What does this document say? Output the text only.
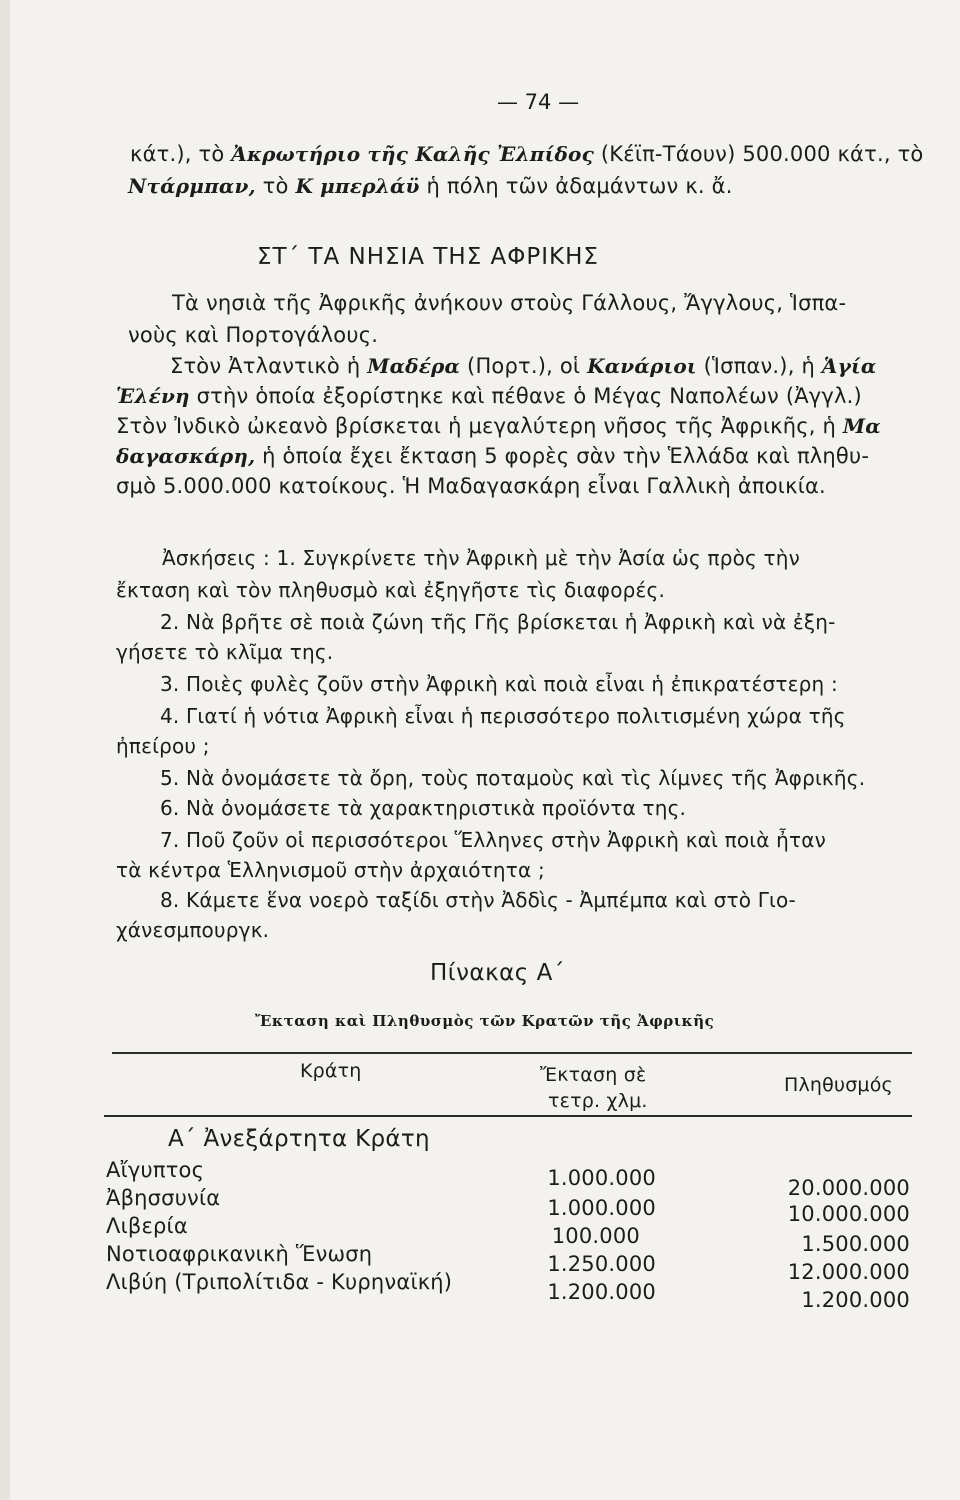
— 74 —
κάτ.), τὸ Ἀκρωτήριο τῆς Καλῆς Ἐλπίδος (Κέϊπ-Τάουν) 500.000 κάτ., τὸ
Ντάρμπαν, τὸ Κ μπερλάϋ ἡ πόλη τῶν ἀδαμάντων κ. ἄ.
ΣΤ΄ ΤΑ ΝΗΣΙΑ ΤΗΣ ΑΦΡΙΚΗΣ
Τὰ νησιὰ τῆς Ἀφρικῆς ἀνήκουν στοὺς Γάλλους, Ἄγγλους, Ἱσπα-
νοὺς καὶ Πορτογάλους.
Στὸν Ἀτλαντικὸ ἡ Μαδέρα (Πορτ.), οἱ Κανάριοι (Ἱσπαν.), ἡ Ἁγία
Ἑλένη στὴν ὁποία ἐξορίστηκε καὶ πέθανε ὁ Μέγας Ναπολέων (Ἀγγλ.)
Στὸν Ἰνδικὸ ὠκεανὸ βρίσκεται ἡ μεγαλύτερη νῆσος τῆς Ἀφρικῆς, ἡ Μα
δαγασκάρη, ἡ ὁποία ἔχει ἔκταση 5 φορὲς σὰν τὴν Ἑλλάδα καὶ πληθυ-
σμὸ 5.000.000 κατοίκους. Ἡ Μαδαγασκάρη εἶναι Γαλλικὴ ἀποικία.
Ἀσκήσεις : 1. Συγκρίνετε τὴν Ἀφρικὴ μὲ τὴν Ἀσία ὡς πρὸς τὴν
ἔκταση καὶ τὸν πληθυσμὸ καὶ ἐξηγῆστε τὶς διαφορές.
2. Νὰ βρῆτε σὲ ποιὰ ζώνη τῆς Γῆς βρίσκεται ἡ Ἀφρικὴ καὶ νὰ ἐξη-
γήσετε τὸ κλῖμα της.
3. Ποιὲς φυλὲς ζοῦν στὴν Ἀφρικὴ καὶ ποιὰ εἶναι ἡ ἐπικρατέστερη :
4. Γιατί ἡ νότια Ἀφρικὴ εἶναι ἡ περισσότερο πολιτισμένη χώρα τῆς
ἠπείρου ;
5. Νὰ ὀνομάσετε τὰ ὄρη, τοὺς ποταμοὺς καὶ τὶς λίμνες τῆς Ἀφρικῆς.
6. Νὰ ὀνομάσετε τὰ χαρακτηριστικὰ προϊόντα της.
7. Ποῦ ζοῦν οἱ περισσότεροι Ἕλληνες στὴν Ἀφρικὴ καὶ ποιὰ ἦταν
τὰ κέντρα Ἑλληνισμοῦ στὴν ἀρχαιότητα ;
8. Κάμετε ἕνα νοερὸ ταξίδι στὴν Ἀδδὶς - Ἀμπέμπα καὶ στὸ Γιο-
χάνεσμπουργκ.
Πίνακας Α΄
Ἔκταση καὶ Πληθυσμὸς τῶν Κρατῶν τῆς Ἀφρικῆς
Κράτη	Ἔκταση σὲ
τετρ. χλμ.
Πληθυσμός
Α΄ Ἀνεξάρτητα Κράτη
Αἴγυπτος	1.000.000	20.000.000
Ἀβησσυνία	1.000.000	10.000.000
Λιβερία	100.000	1.500.000
Νοτιοαφρικανικὴ Ἕνωση	1.250.000	12.000.000
Λιβύη (Τριπολίτιδα - Κυρηναϊκή)	1.200.000	1.200.000
